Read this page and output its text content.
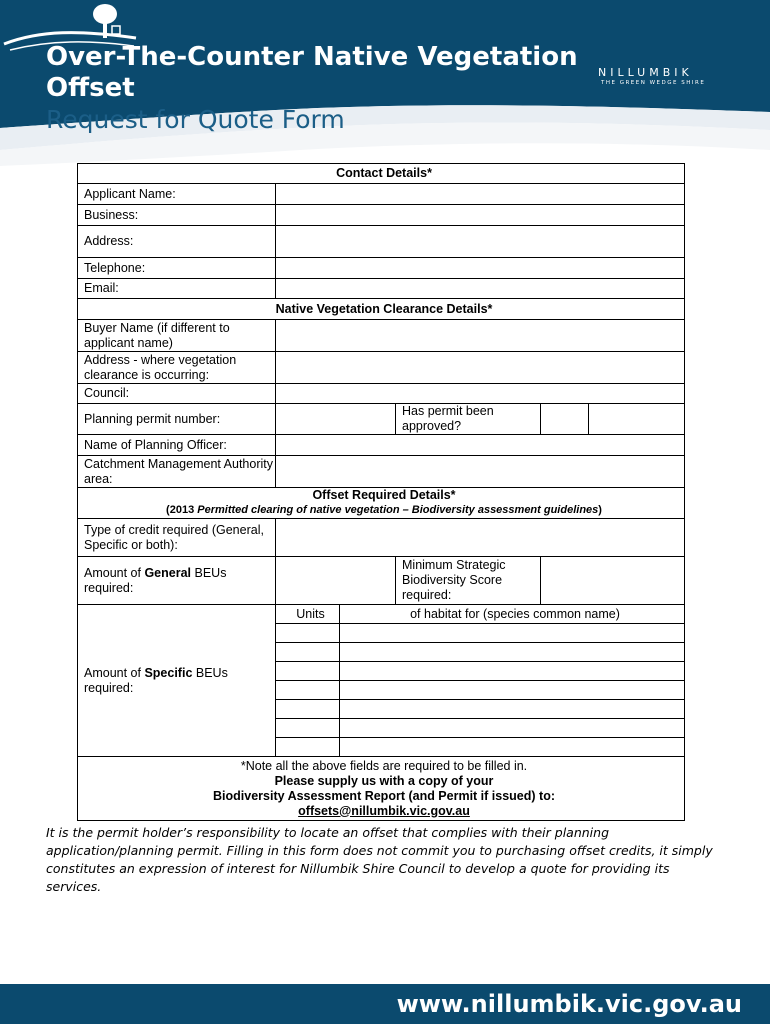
Over-The-Counter Native Vegetation
Offset
Request for Quote Form
NILLUMBIK
THE GREEN WEDGE SHIRE
Contact Details*					
Applicant Name:					
Business:					
Address:					
Telephone:					
Email:					
Native Vegetation Clearance Details*					
Buyer Name (if different to applicant name)					
Address - where vegetation clearance is occurring:					
Council:					
Planning permit number:			Has permit been approved?		
Name of Planning Officer:					
Catchment Management Authority area:					

Offset Required Details*
(2013 Permitted clearing of native vegetation – Biodiversity assessment guidelines)					

Type of credit required (General, Specific or both):					
Amount of General BEUs required:			Minimum Strategic Biodiversity Score required:		
Amount of Specific BEUs required:	Units	of habitat for (species common name)			

*Note all the above fields are required to be filled in.
Please supply us with a copy of your
Biodiversity Assessment Report (and Permit if issued) to:
offsets@nillumbik.vic.gov.au					
It is the permit holder’s responsibility to locate an offset that complies with their planning application/planning permit. Filling in this form does not commit you to purchasing offset credits, it simply constitutes an expression of interest for Nillumbik Shire Council to develop a quote for providing its services.
www.nillumbik.vic.gov.au
